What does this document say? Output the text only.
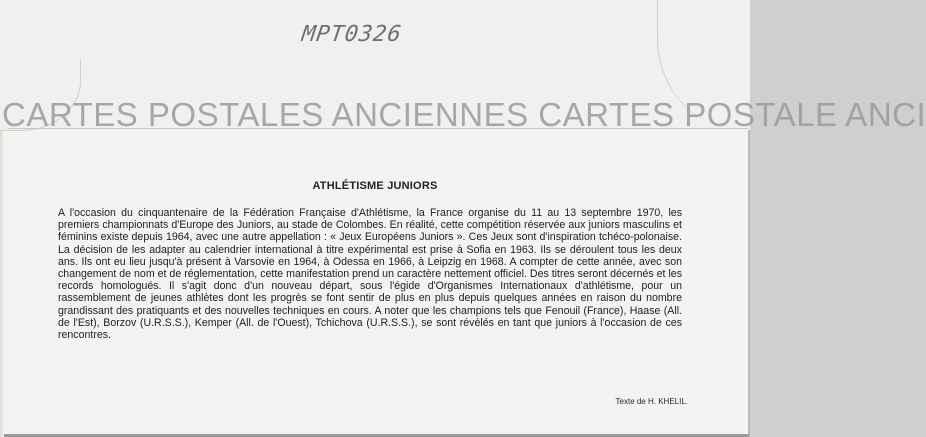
MPT0326
CARTES POSTALES ANCIENNES CARTES POSTALE ANCI
ATHLÉTISME JUNIORS

A l'occasion du cinquantenaire de la Fédération Française d'Athlétisme, la France organise du 11 au 13 septembre 1970, les premiers championnats d'Europe des Juniors, au stade de Colombes. En réalité, cette compétition réservée aux juniors masculins et féminins existe depuis 1964, avec une autre appellation : « Jeux Européens Juniors ». Ces Jeux sont d'inspiration tchéco-polonaise. La décision de les adapter au calendrier international à titre expérimental est prise à Sofia en 1963. Ils se déroulent tous les deux ans. Ils ont eu lieu jusqu'à présent à Varsovie en 1964, à Odessa en 1966, à Leipzig en 1968. A compter de cette année, avec son changement de nom et de réglementation, cette manifestation prend un caractère nettement officiel. Des titres seront décernés et les records homologués. Il s'agit donc d'un nouveau départ, sous l'égide d'Organismes Internationaux d'athlétisme, pour un rassemblement de jeunes athlètes dont les progrès se font sentir de plus en plus depuis quelques années en raison du nombre grandissant des pratiquants et des nouvelles techniques en cours. A noter que les champions tels que Fenouil (France), Haase (All. de l'Est), Borzov (U.R.S.S.), Kemper (All. de l'Ouest), Tchichova (U.R.S.S.), se sont révélés en tant que juniors à l'occasion de ces rencontres.

Texte de H. KHELIL.
